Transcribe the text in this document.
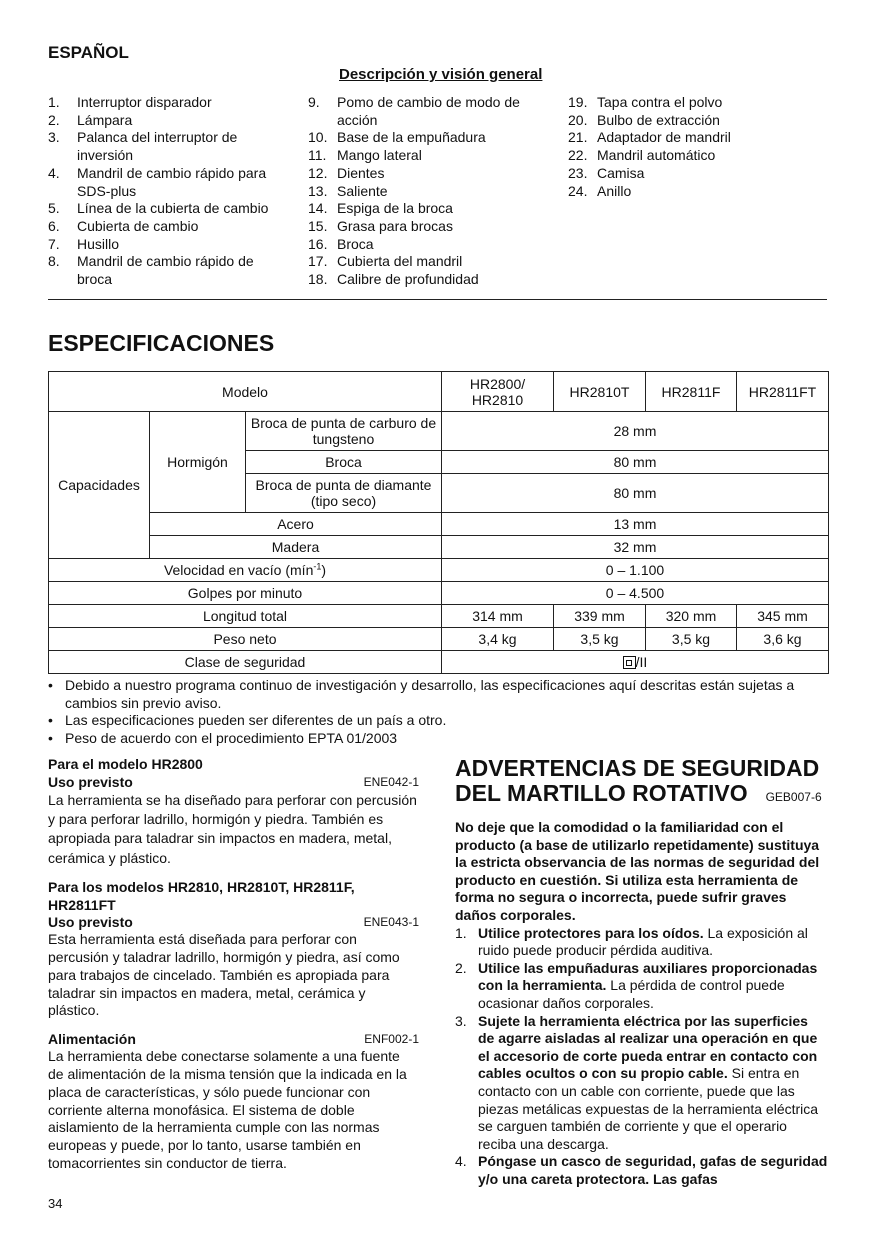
ESPAÑOL
Descripción y visión general
1. Interruptor disparador
2. Lámpara
3. Palanca del interruptor de inversión
4. Mandril de cambio rápido para SDS-plus
5. Línea de la cubierta de cambio
6. Cubierta de cambio
7. Husillo
8. Mandril de cambio rápido de broca
9. Pomo de cambio de modo de acción
10. Base de la empuñadura
11. Mango lateral
12. Dientes
13. Saliente
14. Espiga de la broca
15. Grasa para brocas
16. Broca
17. Cubierta del mandril
18. Calibre de profundidad
19. Tapa contra el polvo
20. Bulbo de extracción
21. Adaptador de mandril
22. Mandril automático
23. Camisa
24. Anillo
ESPECIFICACIONES
Modelo			HR2800/ HR2810	HR2810T	HR2811F	HR2811FT
Capacidades	Hormigón	Broca de punta de carburo de tungsteno	28 mm			
		Broca	80 mm			
		Broca de punta de diamante (tipo seco)	80 mm			
	Acero		13 mm			
	Madera		32 mm			
Velocidad en vacío (mín$^{-1}$)			0 – 1.100			
Golpes por minuto			0 – 4.500			
Longitud total			314 mm	339 mm	320 mm	345 mm
Peso neto			3,4 kg	3,5 kg	3,5 kg	3,6 kg
Clase de seguridad			/II			
• Debido a nuestro programa continuo de investigación y desarrollo, las especificaciones aquí descritas están sujetas a cambios sin previo aviso.
• Las especificaciones pueden ser diferentes de un país a otro.
• Peso de acuerdo con el procedimiento EPTA 01/2003
Para el modelo HR2800
Uso previsto	ENE042-1
La herramienta se ha diseñado para perforar con percusión y para perforar ladrillo, hormigón y piedra. También es apropiada para taladrar sin impactos en madera, metal, cerámica y plástico.
Para los modelos HR2810, HR2810T, HR2811F, HR2811FT
Uso previsto	ENE043-1
Esta herramienta está diseñada para perforar con percusión y taladrar ladrillo, hormigón y piedra, así como para trabajos de cincelado. También es apropiada para taladrar sin impactos en madera, metal, cerámica y plástico.
Alimentación	ENF002-1
La herramienta debe conectarse solamente a una fuente de alimentación de la misma tensión que la indicada en la placa de características, y sólo puede funcionar con corriente alterna monofásica. El sistema de doble aislamiento de la herramienta cumple con las normas europeas y puede, por lo tanto, usarse también en tomacorrientes sin conductor de tierra.
ADVERTENCIAS DE SEGURIDAD
DEL MARTILLO ROTATIVO GEB007-6
No deje que la comodidad o la familiaridad con el producto (a base de utilizarlo repetidamente) sustituya la estricta observancia de las normas de seguridad del producto en cuestión. Si utiliza esta herramienta de forma no segura o incorrecta, puede sufrir graves daños corporales.
1. Utilice protectores para los oídos. La exposición al ruido puede producir pérdida auditiva.
2. Utilice las empuñaduras auxiliares proporcionadas con la herramienta. La pérdida de control puede ocasionar daños corporales.
3. Sujete la herramienta eléctrica por las superficies de agarre aisladas al realizar una operación en que el accesorio de corte pueda entrar en contacto con cables ocultos o con su propio cable. Si entra en contacto con un cable con corriente, puede que las piezas metálicas expuestas de la herramienta eléctrica se carguen también de corriente y que el operario reciba una descarga.
4. Póngase un casco de seguridad, gafas de seguridad y/o una careta protectora. Las gafas
34
